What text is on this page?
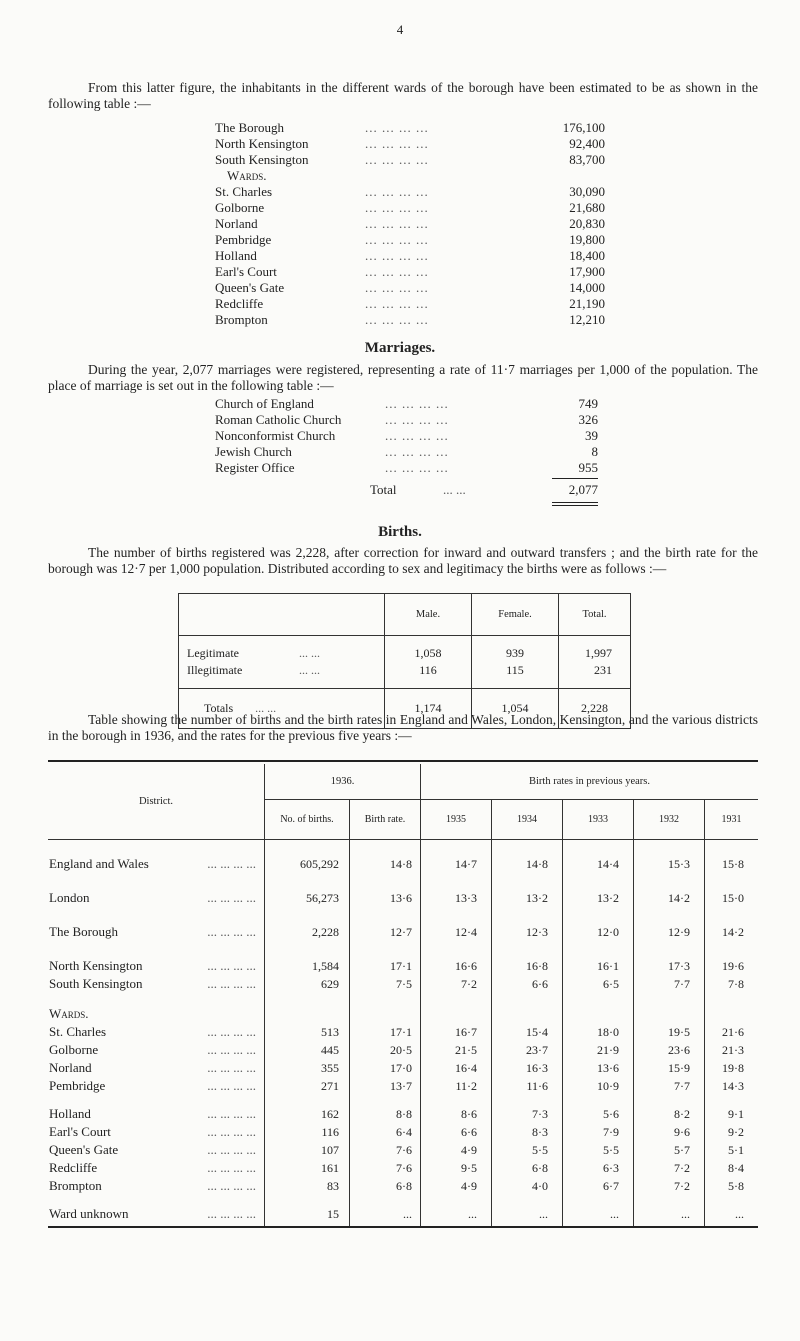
4
From this latter figure, the inhabitants in the different wards of the borough have been estimated to be as shown in the following table :—
The Borough	... ... ... ...	176,100
North Kensington	... ... ... ...	92,400
South Kensington	... ... ... ...	83,700
Wards.
St. Charles	... ... ... ...	30,090
Golborne	... ... ... ...	21,680
Norland	... ... ... ...	20,830
Pembridge	... ... ... ...	19,800
Holland	... ... ... ...	18,400
Earl's Court	... ... ... ...	17,900
Queen's Gate	... ... ... ...	14,000
Redcliffe	... ... ... ...	21,190
Brompton	... ... ... ...	12,210
Marriages.
During the year, 2,077 marriages were registered, representing a rate of 11·7 marriages per 1,000 of the population. The place of marriage is set out in the following table :—
Church of England	... ... ... ...	749
Roman Catholic Church	... ... ... ...	326
Nonconformist Church	... ... ... ...	39
Jewish Church	... ... ... ...	8
Register Office	... ... ... ...	955
Total	... ...	2,077
Births.
The number of births registered was 2,228, after correction for inward and outward transfers ; and the birth rate for the borough was 12·7 per 1,000 population. Distributed according to sex and legitimacy the births were as follows :—
	Male.	Female.	Total.
Legitimate ... ...	1,058	939	1,997
Illegitimate ... ...	116	115	231

Totals ... ...	1,174	1,054	2,228
Table showing the number of births and the birth rates in England and Wales, London, Kensington, and the various districts in the borough in 1936, and the rates for the previous five years :—

District.	1936.		Birth rates in previous years.				
	No. of births.	Birth rate.	1935	1934	1933	1932	1931
England and Wales ... ... ... ...	605,292	14·8	14·7	14·8	14·4	15·3	15·8
London ... ... ... ...	56,273	13·6	13·3	13·2	13·2	14·2	15·0
The Borough ... ... ... ...	2,228	12·7	12·4	12·3	12·0	12·9	14·2
North Kensington ... ... ... ...	1,584	17·1	16·6	16·8	16·1	17·3	19·6
South Kensington ... ... ... ...	629	7·5	7·2	6·6	6·5	7·7	7·8
Wards.							
St. Charles ... ... ... ...	513	17·1	16·7	15·4	18·0	19·5	21·6
Golborne ... ... ... ...	445	20·5	21·5	23·7	21·9	23·6	21·3
Norland ... ... ... ...	355	17·0	16·4	16·3	13·6	15·9	19·8
Pembridge ... ... ... ...	271	13·7	11·2	11·6	10·9	7·7	14·3

Holland ... ... ... ...	162	8·8	8·6	7·3	5·6	8·2	9·1
Earl's Court ... ... ... ...	116	6·4	6·6	8·3	7·9	9·6	9·2
Queen's Gate ... ... ... ...	107	7·6	4·9	5·5	5·5	5·7	5·1
Redcliffe ... ... ... ...	161	7·6	9·5	6·8	6·3	7·2	8·4
Brompton ... ... ... ...	83	6·8	4·9	4·0	6·7	7·2	5·8
Ward unknown ... ... ... ...	15	...	...	...	...	...	...
